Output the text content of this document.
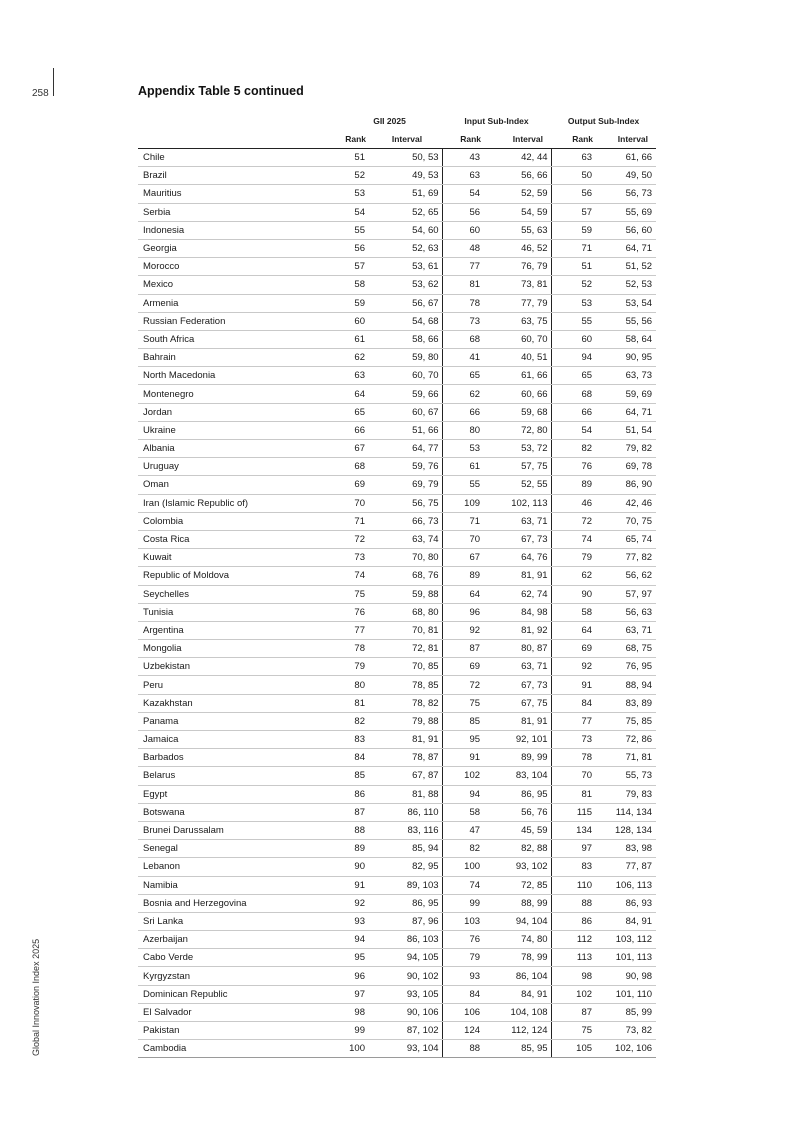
258
Global Innovation Index 2025
Appendix Table 5 continued
	GII 2025		Input Sub-Index		Output Sub-Index	
	Rank	Interval	Rank	Interval	Rank	Interval
Chile	51	50, 53	43	42, 44	63	61, 66
Brazil	52	49, 53	63	56, 66	50	49, 50
Mauritius	53	51, 69	54	52, 59	56	56, 73
Serbia	54	52, 65	56	54, 59	57	55, 69
Indonesia	55	54, 60	60	55, 63	59	56, 60
Georgia	56	52, 63	48	46, 52	71	64, 71
Morocco	57	53, 61	77	76, 79	51	51, 52
Mexico	58	53, 62	81	73, 81	52	52, 53
Armenia	59	56, 67	78	77, 79	53	53, 54
Russian Federation	60	54, 68	73	63, 75	55	55, 56
South Africa	61	58, 66	68	60, 70	60	58, 64
Bahrain	62	59, 80	41	40, 51	94	90, 95
North Macedonia	63	60, 70	65	61, 66	65	63, 73
Montenegro	64	59, 66	62	60, 66	68	59, 69
Jordan	65	60, 67	66	59, 68	66	64, 71
Ukraine	66	51, 66	80	72, 80	54	51, 54
Albania	67	64, 77	53	53, 72	82	79, 82
Uruguay	68	59, 76	61	57, 75	76	69, 78
Oman	69	69, 79	55	52, 55	89	86, 90
Iran (Islamic Republic of)	70	56, 75	109	102, 113	46	42, 46
Colombia	71	66, 73	71	63, 71	72	70, 75
Costa Rica	72	63, 74	70	67, 73	74	65, 74
Kuwait	73	70, 80	67	64, 76	79	77, 82
Republic of Moldova	74	68, 76	89	81, 91	62	56, 62
Seychelles	75	59, 88	64	62, 74	90	57, 97
Tunisia	76	68, 80	96	84, 98	58	56, 63
Argentina	77	70, 81	92	81, 92	64	63, 71
Mongolia	78	72, 81	87	80, 87	69	68, 75
Uzbekistan	79	70, 85	69	63, 71	92	76, 95
Peru	80	78, 85	72	67, 73	91	88, 94
Kazakhstan	81	78, 82	75	67, 75	84	83, 89
Panama	82	79, 88	85	81, 91	77	75, 85
Jamaica	83	81, 91	95	92, 101	73	72, 86
Barbados	84	78, 87	91	89, 99	78	71, 81
Belarus	85	67, 87	102	83, 104	70	55, 73
Egypt	86	81, 88	94	86, 95	81	79, 83
Botswana	87	86, 110	58	56, 76	115	114, 134
Brunei Darussalam	88	83, 116	47	45, 59	134	128, 134
Senegal	89	85, 94	82	82, 88	97	83, 98
Lebanon	90	82, 95	100	93, 102	83	77, 87
Namibia	91	89, 103	74	72, 85	110	106, 113
Bosnia and Herzegovina	92	86, 95	99	88, 99	88	86, 93
Sri Lanka	93	87, 96	103	94, 104	86	84, 91
Azerbaijan	94	86, 103	76	74, 80	112	103, 112
Cabo Verde	95	94, 105	79	78, 99	113	101, 113
Kyrgyzstan	96	90, 102	93	86, 104	98	90, 98
Dominican Republic	97	93, 105	84	84, 91	102	101, 110
El Salvador	98	90, 106	106	104, 108	87	85, 99
Pakistan	99	87, 102	124	112, 124	75	73, 82
Cambodia	100	93, 104	88	85, 95	105	102, 106
